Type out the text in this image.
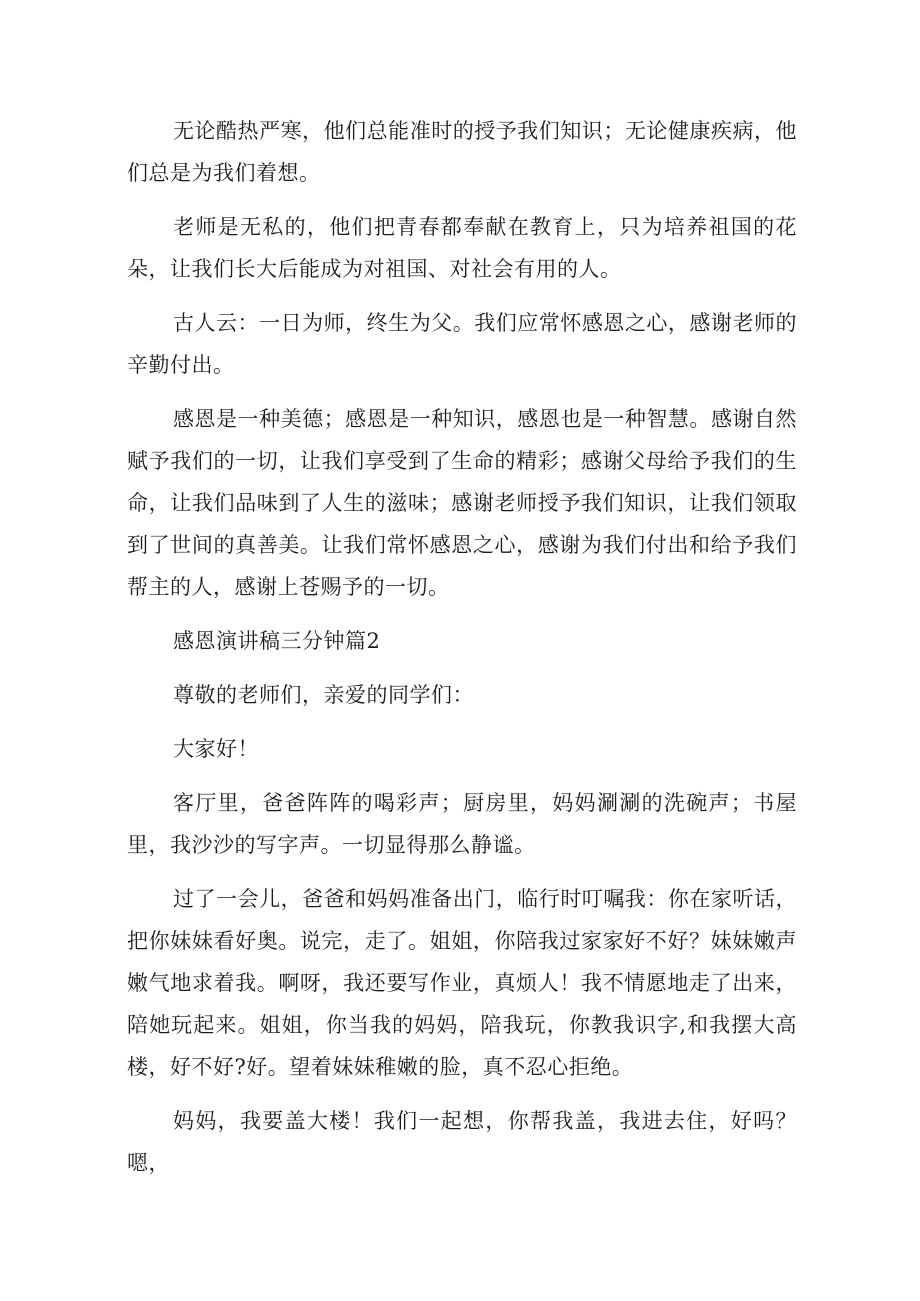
无论酷热严寒，他们总能准时的授予我们知识；无论健康疾病，他们总是为我们着想。

老师是无私的，他们把青春都奉献在教育上，只为培养祖国的花朵，让我们长大后能成为对祖国、对社会有用的人。

古人云：一日为师，终生为父。我们应常怀感恩之心，感谢老师的辛勤付出。

感恩是一种美德；感恩是一种知识，感恩也是一种智慧。感谢自然赋予我们的一切，让我们享受到了生命的精彩；感谢父母给予我们的生命，让我们品味到了人生的滋味；感谢老师授予我们知识，让我们领取到了世间的真善美。让我们常怀感恩之心，感谢为我们付出和给予我们帮主的人，感谢上苍赐予的一切。

感恩演讲稿三分钟篇2

尊敬的老师们，亲爱的同学们：

大家好！

客厅里，爸爸阵阵的喝彩声；厨房里，妈妈涮涮的洗碗声；书屋里，我沙沙的写字声。一切显得那么静谧。

过了一会儿，爸爸和妈妈准备出门，临行时叮嘱我：你在家听话，把你妹妹看好奥。说完，走了。姐姐，你陪我过家家好不好？妹妹嫩声嫩气地求着我。啊呀，我还要写作业，真烦人！我不情愿地走了出来，陪她玩起来。姐姐，你当我的妈妈，陪我玩，你教我识字,和我摆大高楼，好不好?好。望着妹妹稚嫩的脸，真不忍心拒绝。

妈妈，我要盖大楼！我们一起想，你帮我盖，我进去住，好吗？嗯，
